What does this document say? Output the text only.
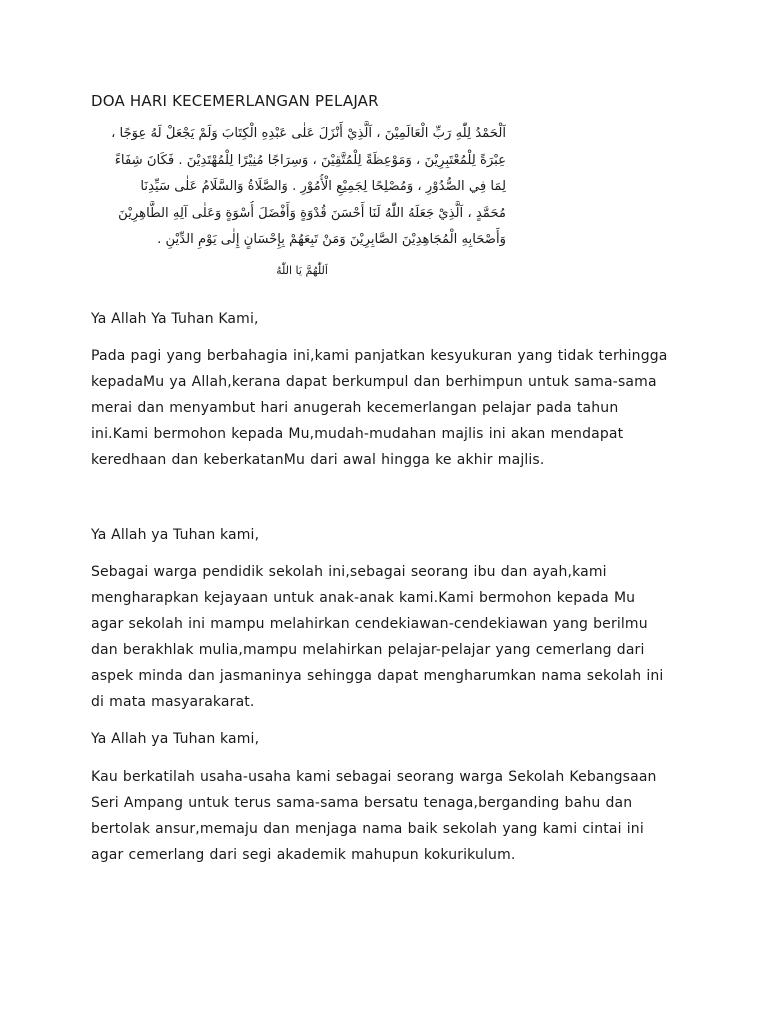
DOA HARI KECEMERLANGAN PELAJAR
اَلْحَمْدُ لِلّٰهِ رَبِّ الْعَالَمِيْنَ ، اَلَّذِيْ أَنْزَلَ عَلٰى عَبْدِهِ الْكِتَابَ وَلَمْ يَجْعَلْ لَهُ عِوَجًا ،
عِبْرَةً لِلْمُعْتَبِرِيْنَ ، وَمَوْعِظَةً لِلْمُتَّقِيْنَ ، وَسِرَاجًا مُنِيْرًا لِلْمُهْتَدِيْنَ . فَكَانَ شِفَاءً
لِمَا فِي الصُّدُوْرِ ، وَمُصْلِحًا لِجَمِيْعِ الْأُمُوْرِ . وَالصَّلَاةُ وَالسَّلَامُ عَلٰى سَيِّدِنَا
مُحَمَّدٍ ، اَلَّذِيْ جَعَلَهُ اللّٰهُ لَنَا أَحْسَنَ قُدْوَةٍ وَأَفْضَلَ أُسْوَةٍ وَعَلٰى آلِهِ الطَّاهِرِيْنَ
وَأَصْحَابِهِ الْمُجَاهِدِيْنَ الصَّابِرِيْنَ وَمَنْ تَبِعَهُمْ بِإِحْسَانٍ إِلٰى يَوْمِ الدِّيْنِ .
اَللّٰهُمَّ يَا اللّٰهُ
Ya Allah Ya Tuhan Kami,
Pada pagi yang berbahagia ini,kami panjatkan kesyukuran yang tidak terhingga
kepadaMu ya Allah,kerana dapat berkumpul dan berhimpun untuk sama-sama
merai dan menyambut hari anugerah kecemerlangan pelajar pada tahun
ini.Kami bermohon kepada Mu,mudah-mudahan majlis ini akan mendapat
keredhaan dan keberkatanMu dari awal hingga ke akhir majlis.
Ya Allah ya Tuhan kami,
Sebagai warga pendidik sekolah ini,sebagai seorang ibu dan ayah,kami
mengharapkan kejayaan untuk anak-anak kami.Kami bermohon kepada Mu
agar sekolah ini mampu melahirkan cendekiawan-cendekiawan yang berilmu
dan berakhlak mulia,mampu melahirkan pelajar-pelajar yang cemerlang dari
aspek minda dan jasmaninya sehingga dapat mengharumkan nama sekolah ini
di mata masyarakarat.
Ya Allah ya Tuhan kami,
Kau berkatilah usaha-usaha kami sebagai seorang warga Sekolah Kebangsaan
Seri Ampang untuk terus sama-sama bersatu tenaga,berganding bahu dan
bertolak ansur,memaju dan menjaga nama baik sekolah yang kami cintai ini
agar cemerlang dari segi akademik mahupun kokurikulum.
